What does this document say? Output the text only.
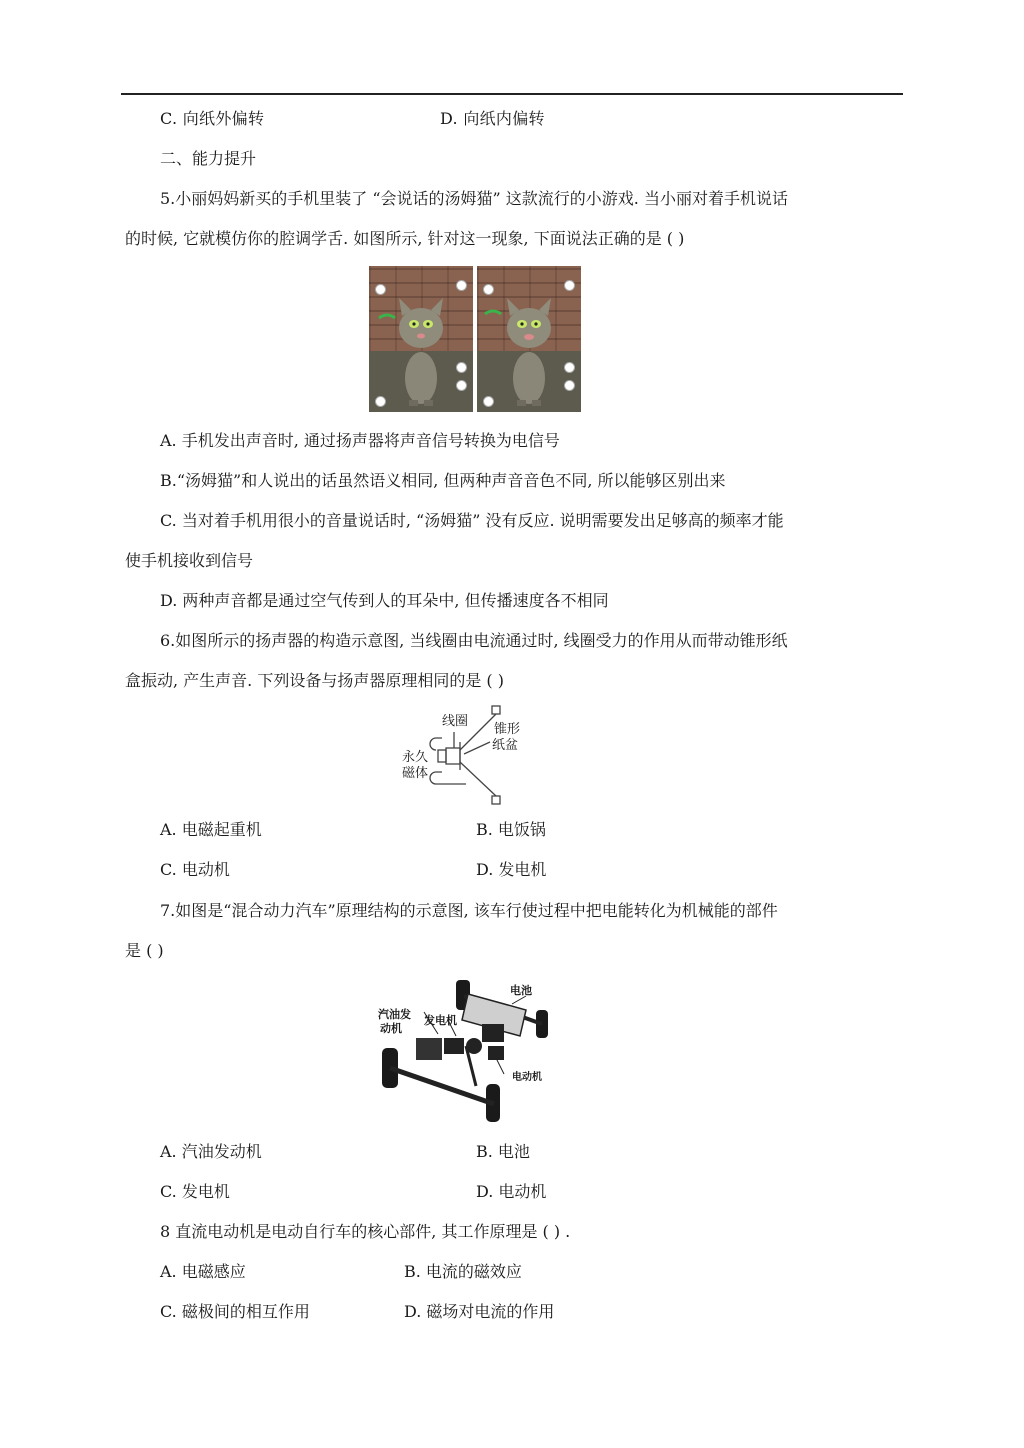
C. 向纸外偏转	D. 向纸内偏转
二、能力提升
5.小丽妈妈新买的手机里装了 “会说话的汤姆猫” 这款流行的小游戏. 当小丽对着手机说话
的时候, 它就模仿你的腔调学舌. 如图所示, 针对这一现象, 下面说法正确的是 ( )
A. 手机发出声音时, 通过扬声器将声音信号转换为电信号
B.“汤姆猫”和人说出的话虽然语义相同, 但两种声音音色不同, 所以能够区别出来
C. 当对着手机用很小的音量说话时, “汤姆猫” 没有反应. 说明需要发出足够高的频率才能
使手机接收到信号
D. 两种声音都是通过空气传到人的耳朵中, 但传播速度各不相同
6.如图所示的扬声器的构造示意图, 当线圈由电流通过时, 线圈受力的作用从而带动锥形纸
盒振动, 产生声音. 下列设备与扬声器原理相同的是 ( )
线圈
锥形
纸盆
永久
磁体
A. 电磁起重机	B. 电饭锅
C. 电动机	D. 发电机
7.如图是“混合动力汽车”原理结构的示意图, 该车行使过程中把电能转化为机械能的部件
是 ( )
电池
汽油发
动机
发电机
电动机
A. 汽油发动机	B. 电池
C. 发电机	D. 电动机
8 直流电动机是电动自行车的核心部件, 其工作原理是 ( ) .
A. 电磁感应	B. 电流的磁效应
C. 磁极间的相互作用	D. 磁场对电流的作用
